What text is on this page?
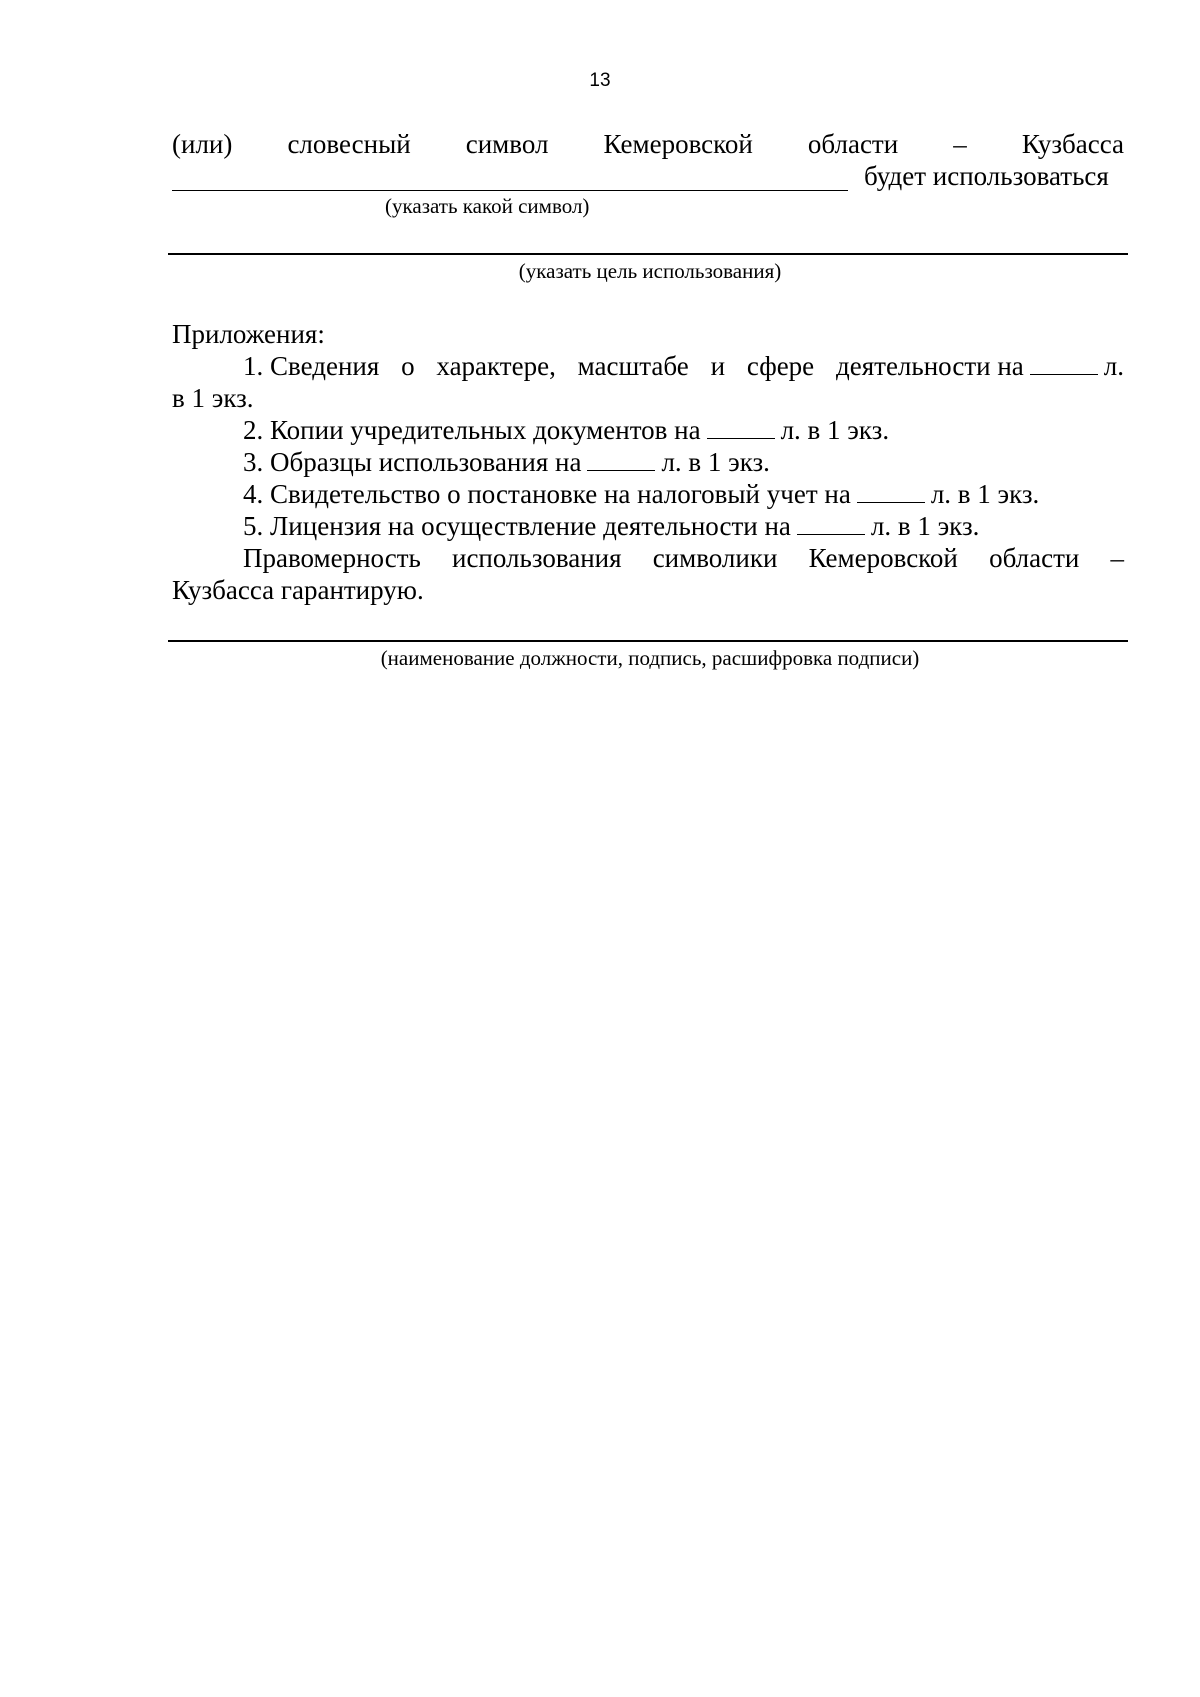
13
(или) словесный символ Кемеровской области – Кузбасса
будет использоваться
(указать какой символ)
(указать цель использования)
Приложения:
1. Сведения о характере, масштабе и сфере деятельности на	л.
в 1 экз.
2. Копии учредительных документов на	л. в 1 экз.
3. Образцы использования на	л. в 1 экз.
4. Свидетельство о постановке на налоговый учет на	л. в 1 экз.
5. Лицензия на осуществление деятельности на	л. в 1 экз.
Правомерность использования символики Кемеровской области –
Кузбасса гарантирую.
(наименование должности, подпись, расшифровка подписи)
